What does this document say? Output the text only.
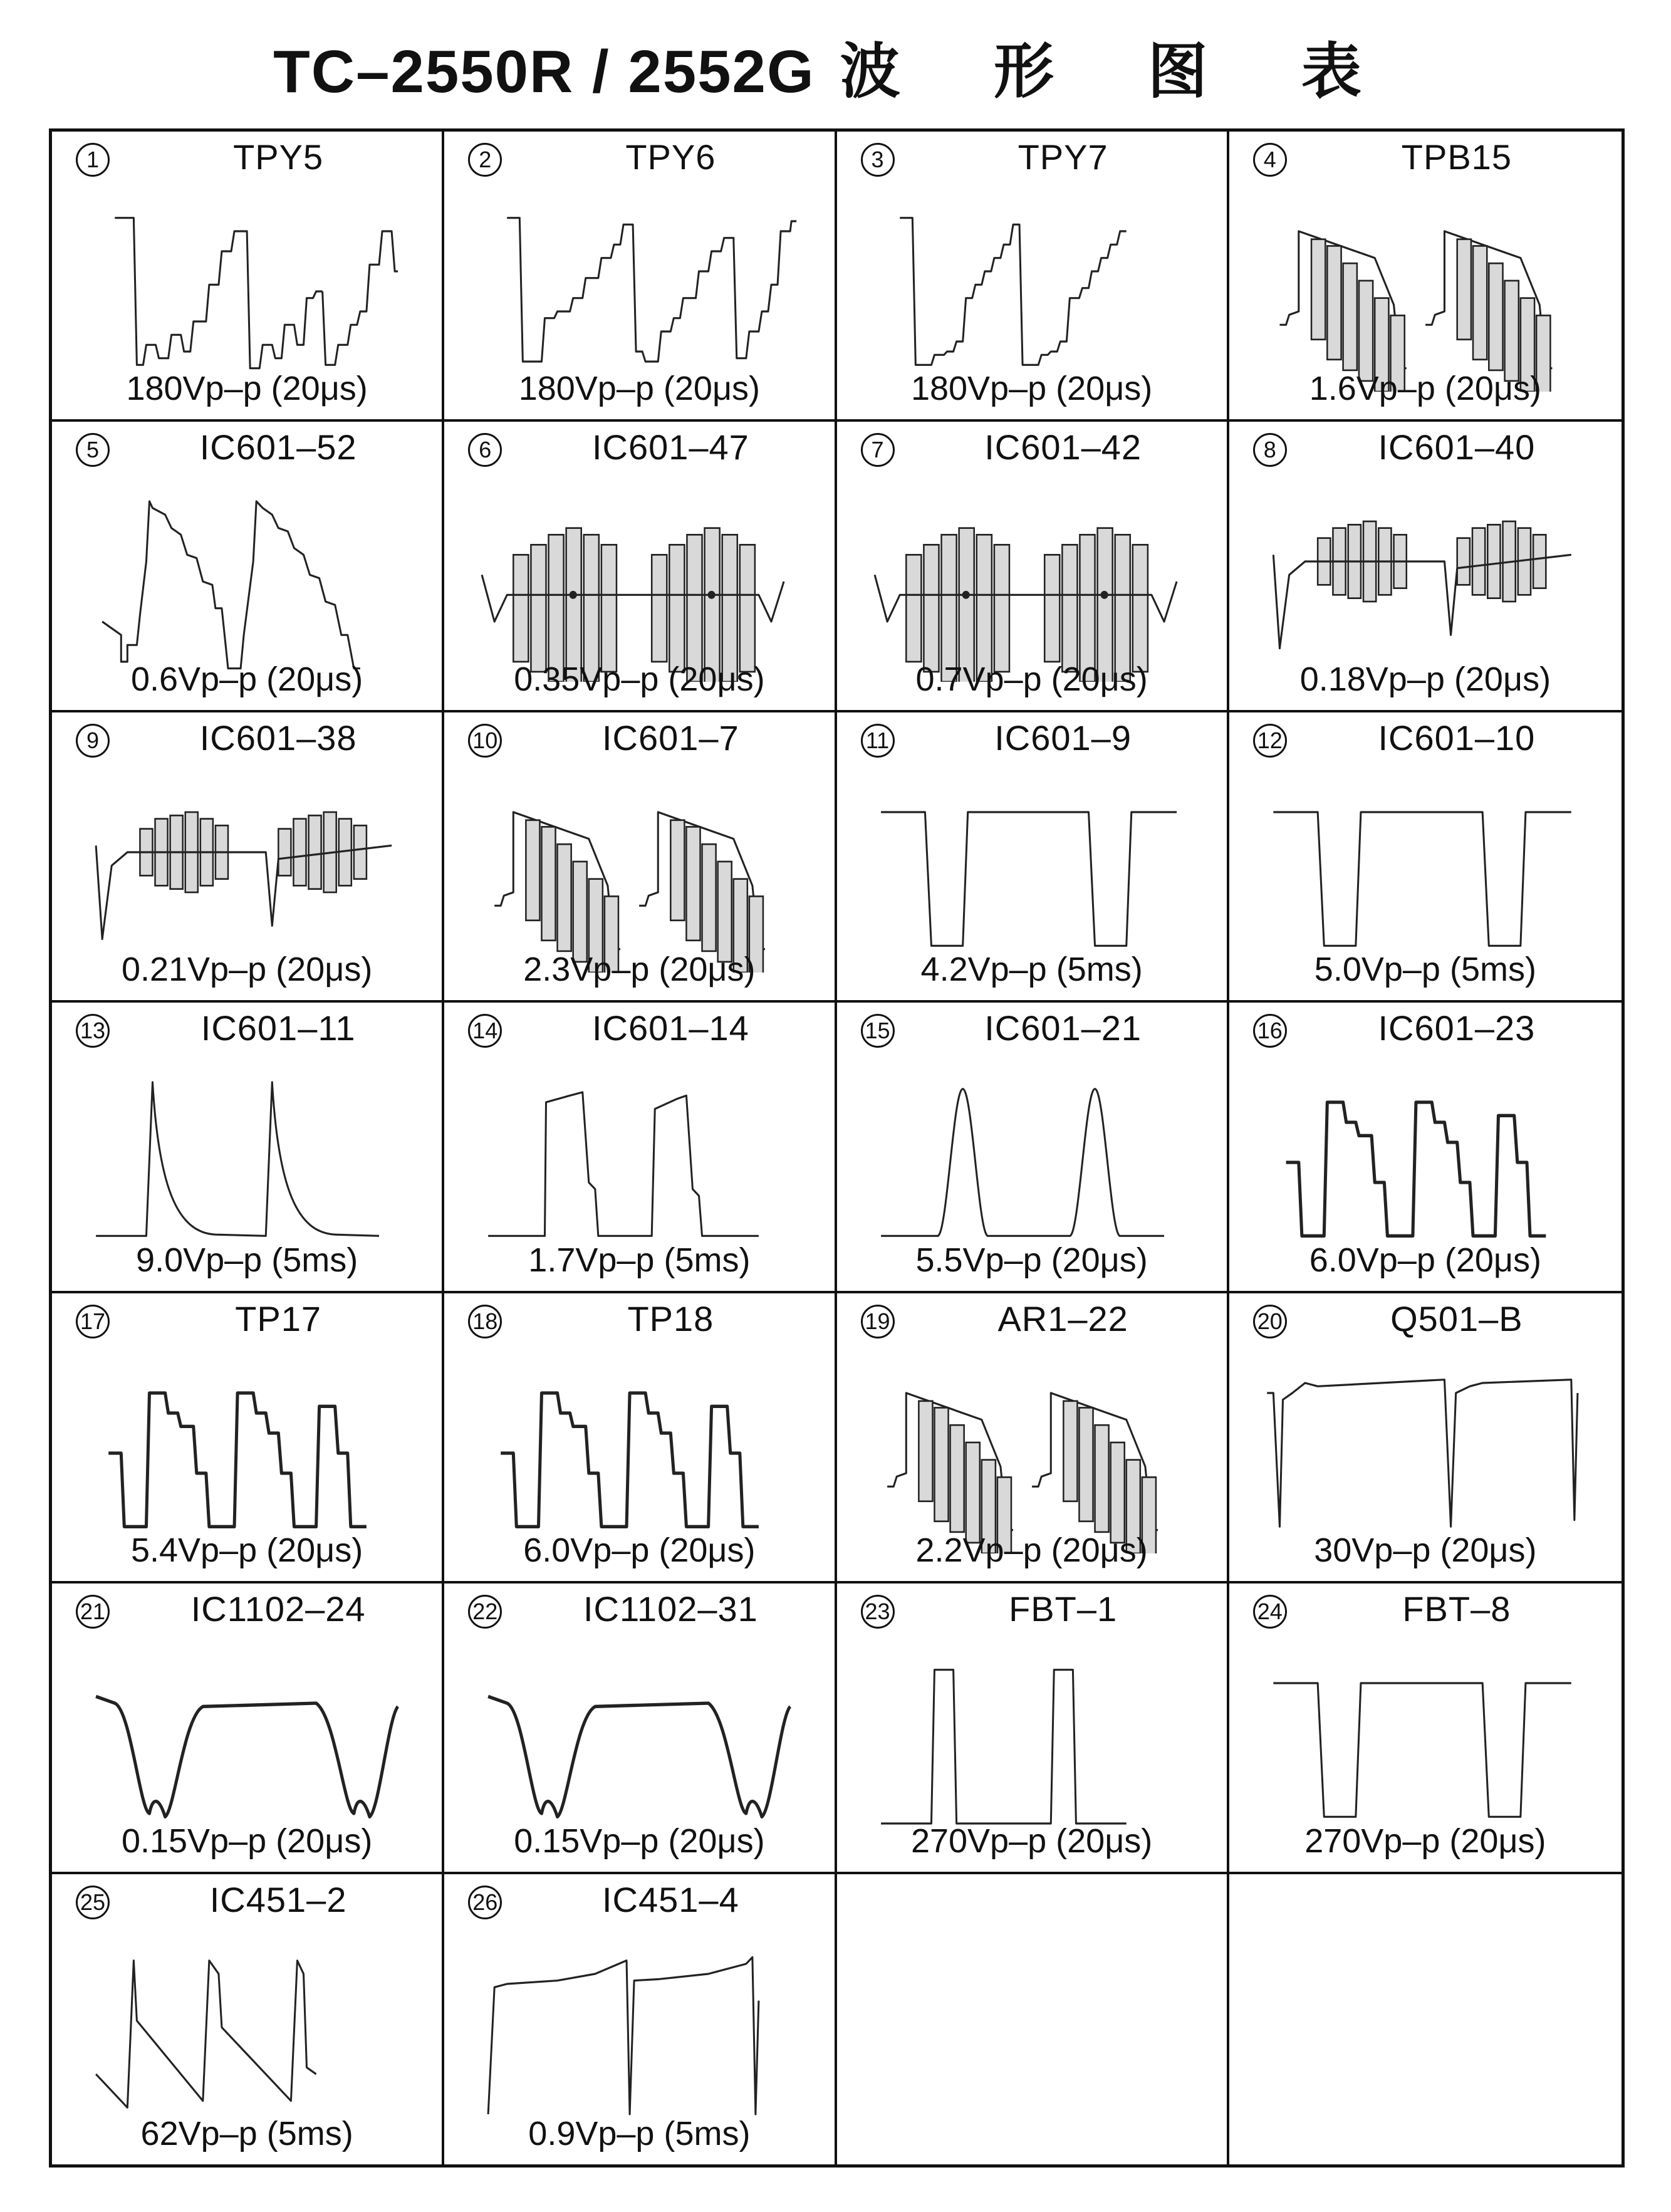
TC–2550R / 2552G 波 形 图 表
1	TPY5
180Vp–p (20μs)
2	TPY6
180Vp–p (20μs)
3	TPY7
180Vp–p (20μs)
4	TPB15
1.6Vp–p (20μs)
5	IC601–52
0.6Vp–p (20μs)
6	IC601–47
0.35Vp–p (20μs)
7	IC601–42
0.7Vp–p (20μs)
8	IC601–40
0.18Vp–p (20μs)
9	IC601–38
0.21Vp–p (20μs)
10	IC601–7
2.3Vp–p (20μs)
11	IC601–9
4.2Vp–p (5ms)
12	IC601–10
5.0Vp–p (5ms)
13	IC601–11
9.0Vp–p (5ms)
14	IC601–14
1.7Vp–p (5ms)
15	IC601–21
5.5Vp–p (20μs)
16	IC601–23
6.0Vp–p (20μs)
17	TP17
5.4Vp–p (20μs)
18	TP18
6.0Vp–p (20μs)
19	AR1–22
2.2Vp–p (20μs)
20	Q501–B
30Vp–p (20μs)
21	IC1102–24
0.15Vp–p (20μs)
22	IC1102–31
0.15Vp–p (20μs)
23	FBT–1
270Vp–p (20μs)
24	FBT–8
270Vp–p (20μs)
25	IC451–2
62Vp–p (5ms)
26	IC451–4
0.9Vp–p (5ms)
